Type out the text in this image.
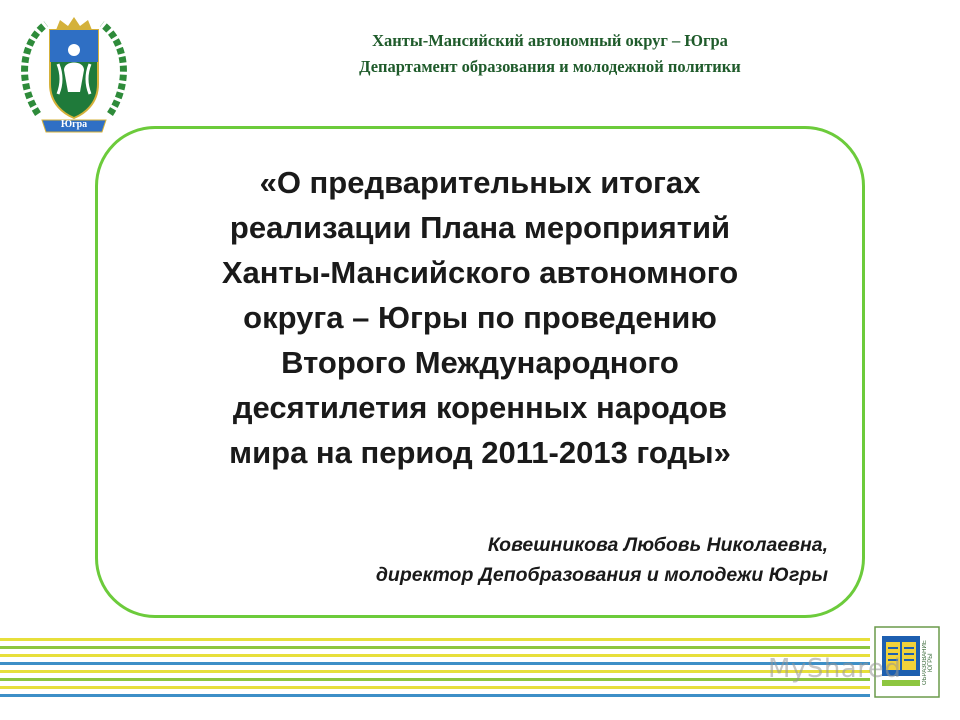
Югра
Ханты-Мансийский автономный округ – Югра
Департамент образования и молодежной политики
«О предварительных итогах
реализации Плана мероприятий
Ханты-Мансийского автономного
округа – Югры по проведению
Второго Международного
десятилетия коренных народов
мира на период 2011-2013 годы»
Ковешникова Любовь Николаевна,
директор Депобразования и молодежи Югры
ОБРАЗОВАНИЕ ЮГРЫ
MyShared
